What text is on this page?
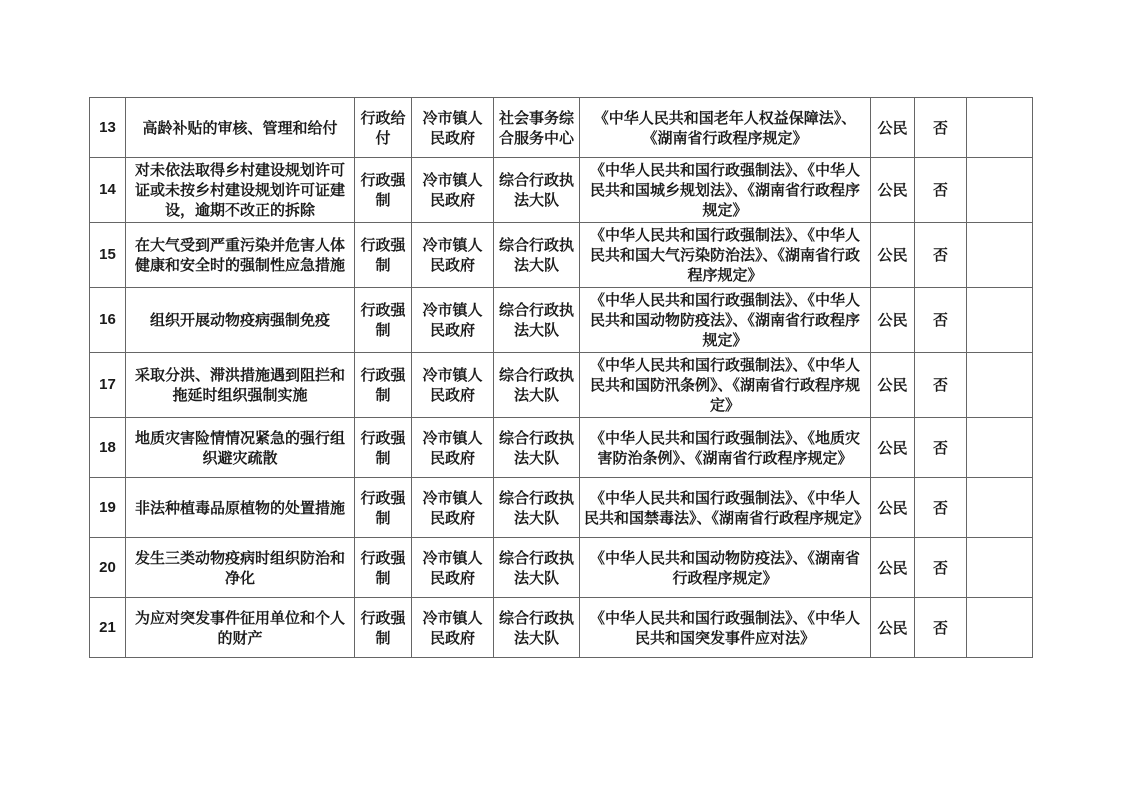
13	高龄补贴的审核、管理和给付	行政给付	冷市镇人民政府	社会事务综合服务中心	《中华人民共和国老年人权益保障法》、《湖南省行政程序规定》	公民	否	
14	对未依法取得乡村建设规划许可证或未按乡村建设规划许可证建设，逾期不改正的拆除	行政强制	冷市镇人民政府	综合行政执法大队	《中华人民共和国行政强制法》、《中华人民共和国城乡规划法》、《湖南省行政程序规定》	公民	否	
15	在大气受到严重污染并危害人体健康和安全时的强制性应急措施	行政强制	冷市镇人民政府	综合行政执法大队	《中华人民共和国行政强制法》、《中华人民共和国大气污染防治法》、《湖南省行政程序规定》	公民	否	
16	组织开展动物疫病强制免疫	行政强制	冷市镇人民政府	综合行政执法大队	《中华人民共和国行政强制法》、《中华人民共和国动物防疫法》、《湖南省行政程序规定》	公民	否	
17	采取分洪、滞洪措施遇到阻拦和拖延时组织强制实施	行政强制	冷市镇人民政府	综合行政执法大队	《中华人民共和国行政强制法》、《中华人民共和国防汛条例》、《湖南省行政程序规定》	公民	否	
18	地质灾害险情情况紧急的强行组织避灾疏散	行政强制	冷市镇人民政府	综合行政执法大队	《中华人民共和国行政强制法》、《地质灾害防治条例》、《湖南省行政程序规定》	公民	否	
19	非法种植毒品原植物的处置措施	行政强制	冷市镇人民政府	综合行政执法大队	《中华人民共和国行政强制法》、《中华人民共和国禁毒法》、《湖南省行政程序规定》	公民	否	
20	发生三类动物疫病时组织防治和净化	行政强制	冷市镇人民政府	综合行政执法大队	《中华人民共和国动物防疫法》、《湖南省行政程序规定》	公民	否	
21	为应对突发事件征用单位和个人的财产	行政强制	冷市镇人民政府	综合行政执法大队	《中华人民共和国行政强制法》、《中华人民共和国突发事件应对法》	公民	否	
